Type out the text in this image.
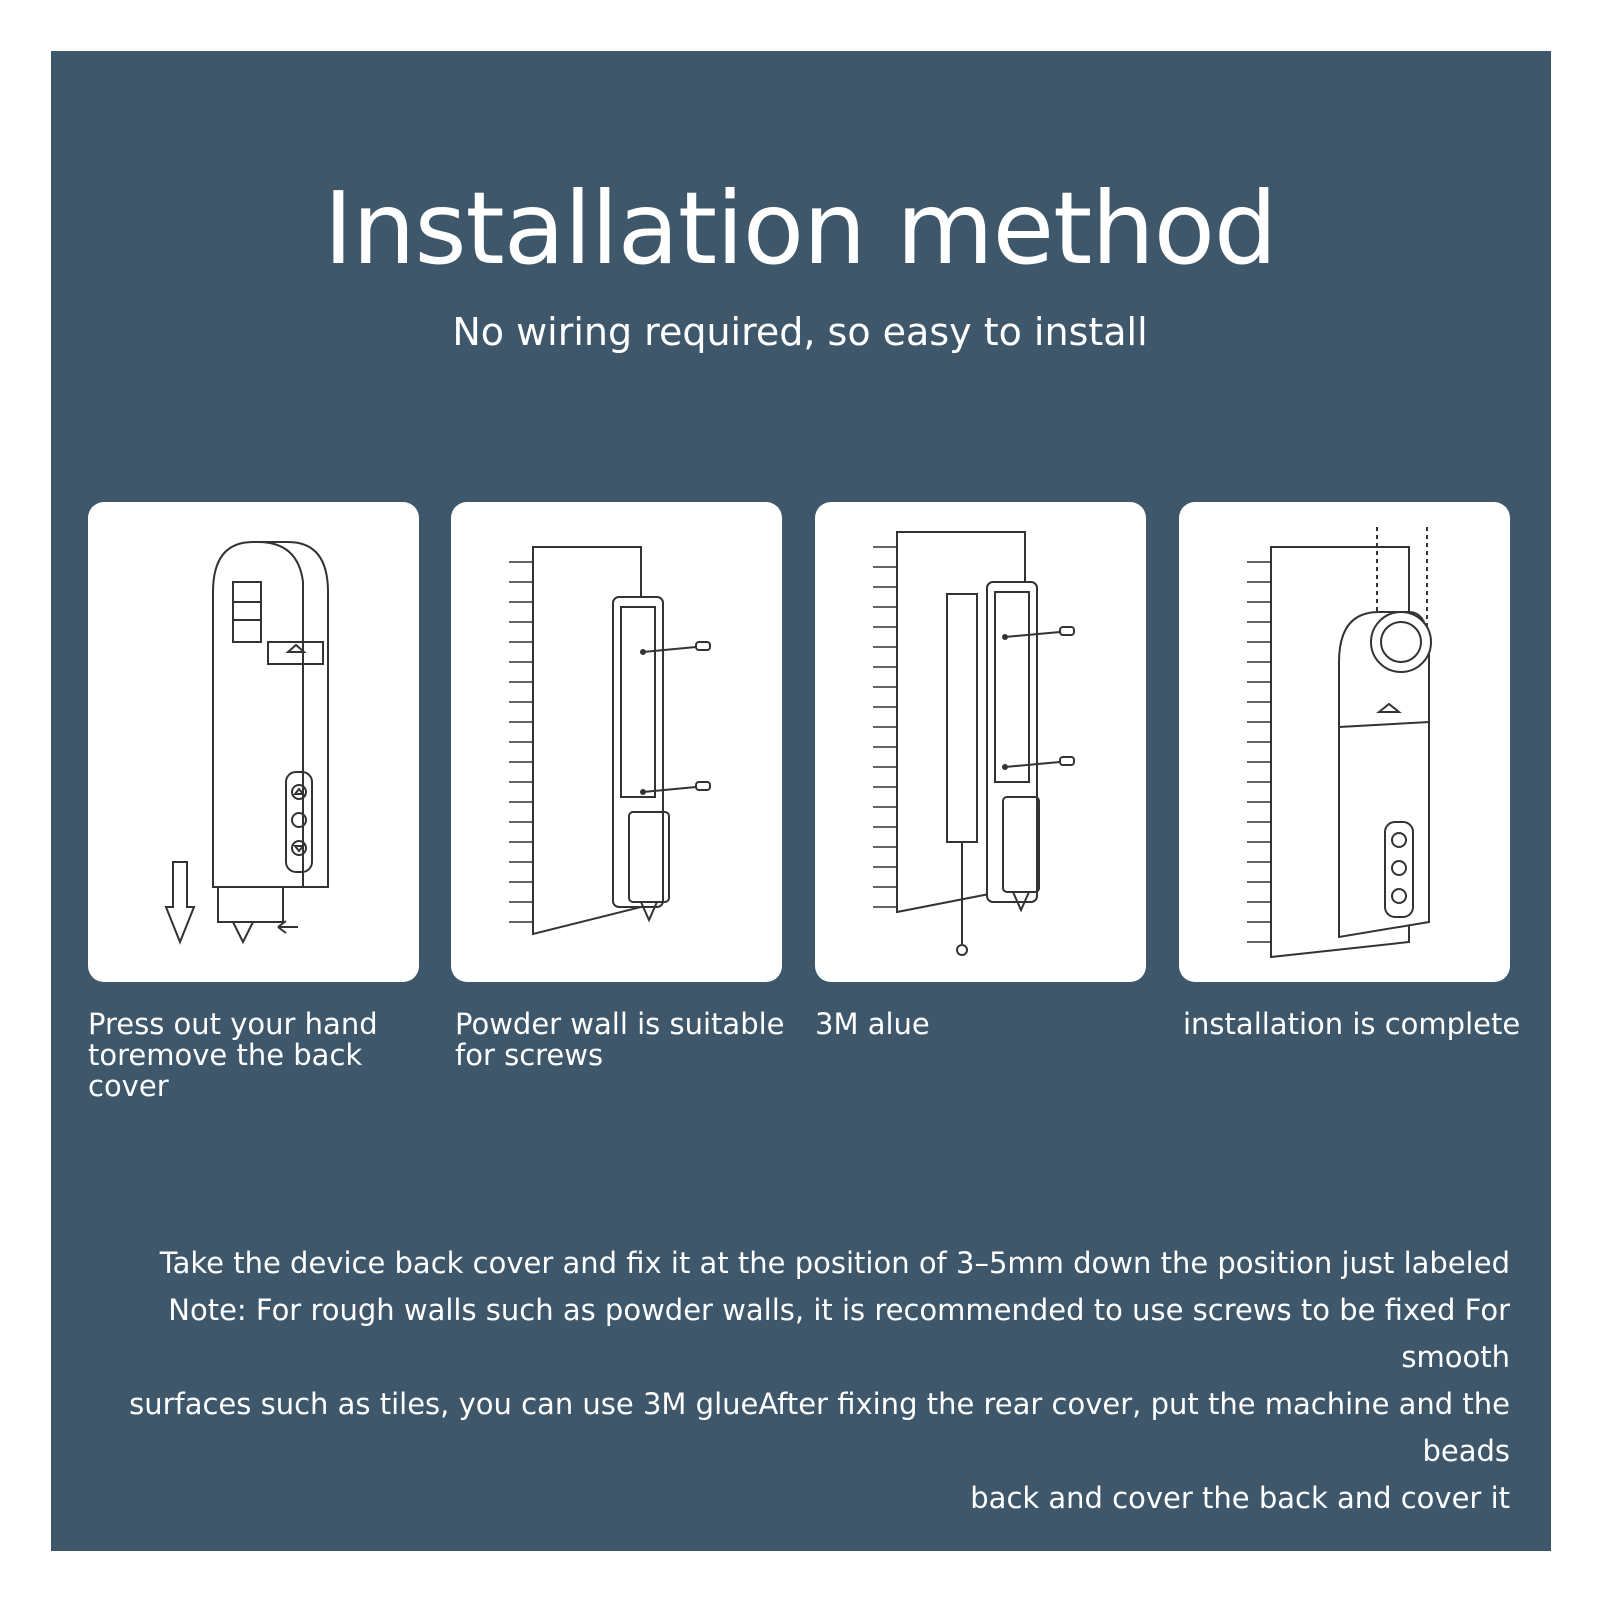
Installation method
No wiring required, so easy to install
Press out your hand
toremove the back cover
Powder wall is suitable
for screws
3M alue	installation is complete

Take the device back cover and fix it at the position of 3–5mm down the position just labeled

Note: For rough walls such as powder walls, it is recommended to use screws to be fixed For smooth

surfaces such as tiles, you can use 3M glueAfter fixing the rear cover, put the machine and the beads

back and cover the back and cover it
